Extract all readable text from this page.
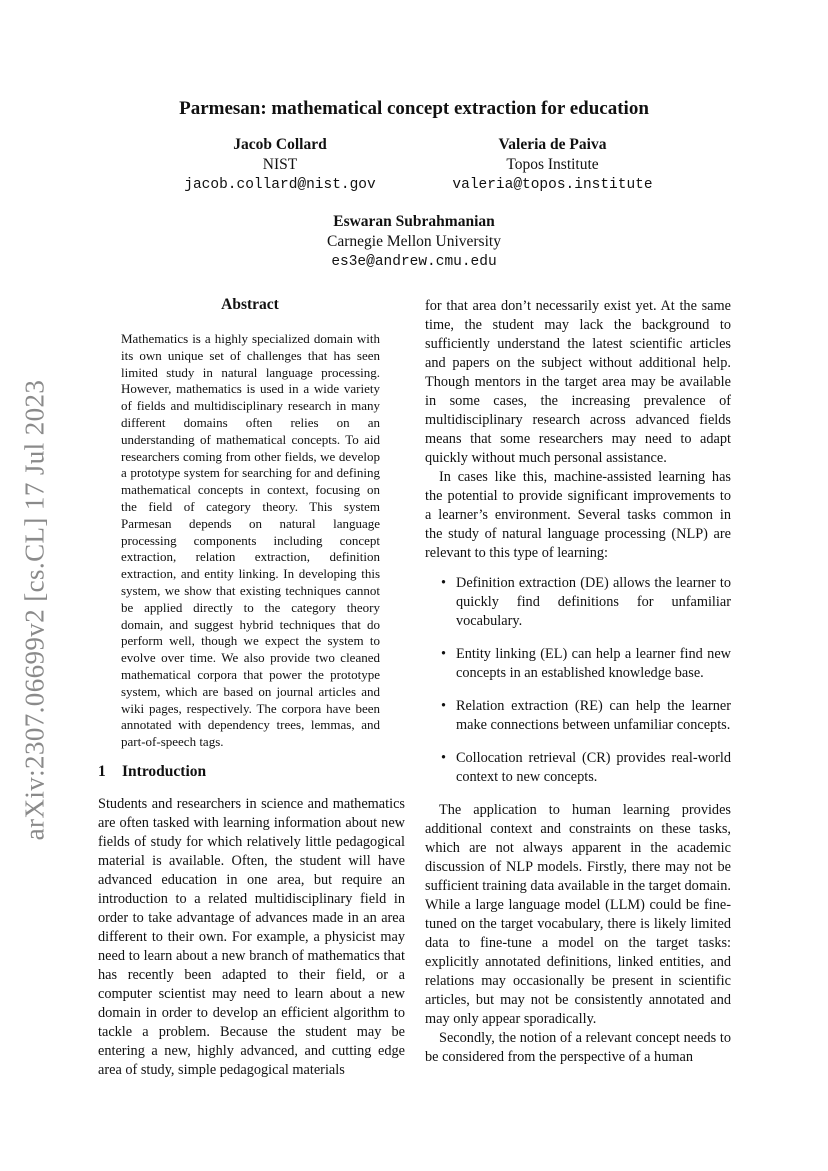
arXiv:2307.06699v2 [cs.CL] 17 Jul 2023
Parmesan: mathematical concept extraction for education
Jacob Collard
NIST
jacob.collard@nist.gov
Valeria de Paiva
Topos Institute
valeria@topos.institute
Eswaran Subrahmanian
Carnegie Mellon University
es3e@andrew.cmu.edu
Abstract

Mathematics is a highly specialized domain with its own unique set of challenges that has seen limited study in natural language processing. However, mathematics is used in a wide variety of fields and multidisciplinary research in many different domains often relies on an understanding of mathematical concepts. To aid researchers coming from other fields, we develop a prototype system for searching for and defining mathematical concepts in context, focusing on the field of category theory. This system Parmesan depends on natural language processing components including concept extraction, relation extraction, definition extraction, and entity linking. In developing this system, we show that existing techniques cannot be applied directly to the category theory domain, and suggest hybrid techniques that do perform well, though we expect the system to evolve over time. We also provide two cleaned mathematical corpora that power the prototype system, which are based on journal articles and wiki pages, respectively. The corpora have been annotated with dependency trees, lemmas, and part-of-speech tags.

1 Introduction

Students and researchers in science and mathematics are often tasked with learning information about new fields of study for which relatively little pedagogical material is available. Often, the student will have advanced education in one area, but require an introduction to a related multidisciplinary field in order to take advantage of advances made in an area different to their own. For example, a physicist may need to learn about a new branch of mathematics that has recently been adapted to their field, or a computer scientist may need to learn about a new domain in order to develop an efficient algorithm to tackle a problem. Because the student may be entering a new, highly advanced, and cutting edge area of study, simple pedagogical materials

for that area don’t necessarily exist yet. At the same time, the student may lack the background to sufficiently understand the latest scientific articles and papers on the subject without additional help. Though mentors in the target area may be available in some cases, the increasing prevalence of multidisciplinary research across advanced fields means that some researchers may need to adapt quickly without much personal assistance.

In cases like this, machine-assisted learning has the potential to provide significant improvements to a learner’s environment. Several tasks common in the study of natural language processing (NLP) are relevant to this type of learning:

• Definition extraction (DE) allows the learner to quickly find definitions for unfamiliar vocabulary.
• Entity linking (EL) can help a learner find new concepts in an established knowledge base.
• Relation extraction (RE) can help the learner make connections between unfamiliar concepts.
• Collocation retrieval (CR) provides real-world context to new concepts.

The application to human learning provides additional context and constraints on these tasks, which are not always apparent in the academic discussion of NLP models. Firstly, there may not be sufficient training data available in the target domain. While a large language model (LLM) could be fine-tuned on the target vocabulary, there is likely limited data to fine-tune a model on the target tasks: explicitly annotated definitions, linked entities, and relations may occasionally be present in scientific articles, but may not be consistently annotated and may only appear sporadically.

Secondly, the notion of a relevant concept needs to be considered from the perspective of a human
